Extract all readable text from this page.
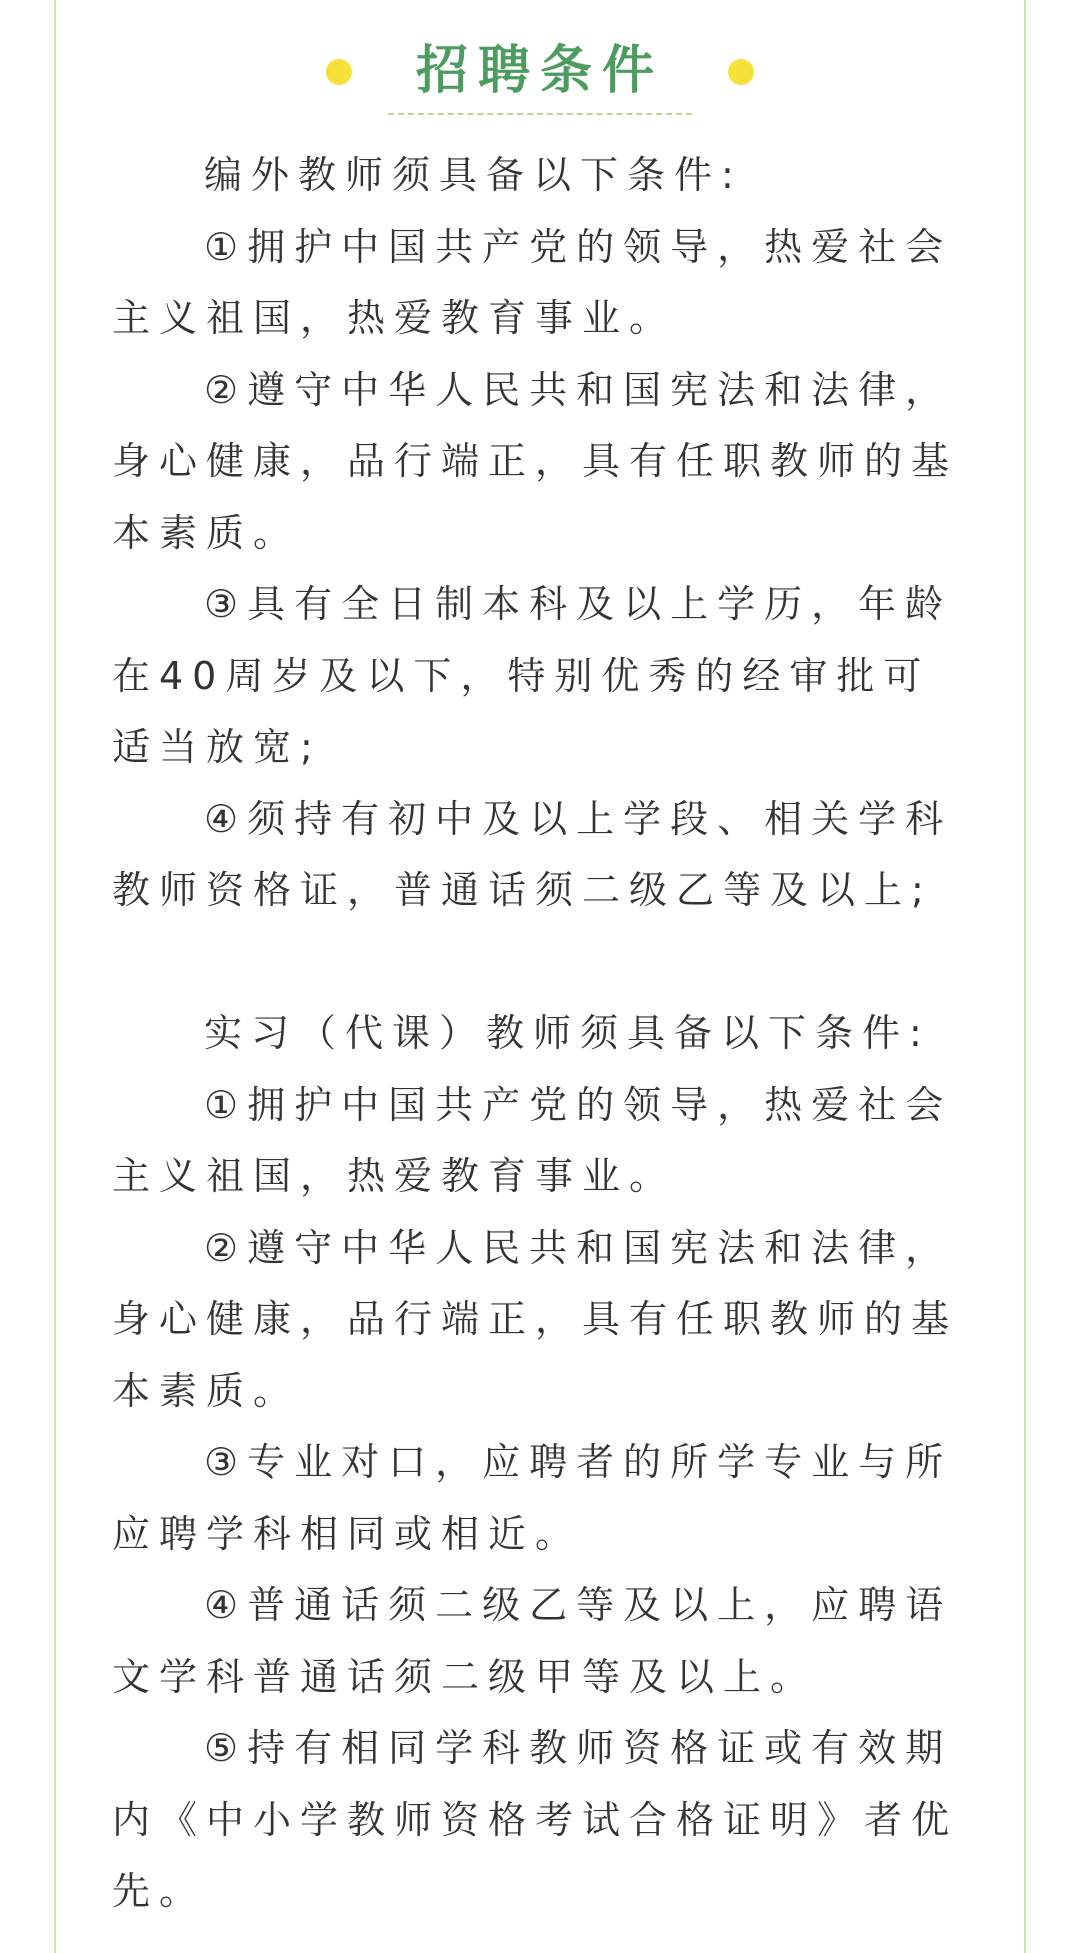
招聘条件

编外教师须具备以下条件:

①拥护中国共产党的领导，热爱社会主义祖国，热爱教育事业。

②遵守中华人民共和国宪法和法律，身心健康，品行端正，具有任职教师的基本素质。

③具有全日制本科及以上学历，年龄在40周岁及以下，特别优秀的经审批可适当放宽;

④须持有初中及以上学段、相关学科教师资格证，普通话须二级乙等及以上;

实习（代课）教师须具备以下条件:

①拥护中国共产党的领导，热爱社会主义祖国，热爱教育事业。

②遵守中华人民共和国宪法和法律，身心健康，品行端正，具有任职教师的基本素质。

③专业对口，应聘者的所学专业与所应聘学科相同或相近。

④普通话须二级乙等及以上，应聘语文学科普通话须二级甲等及以上。

⑤持有相同学科教师资格证或有效期内《中小学教师资格考试合格证明》者优先。
